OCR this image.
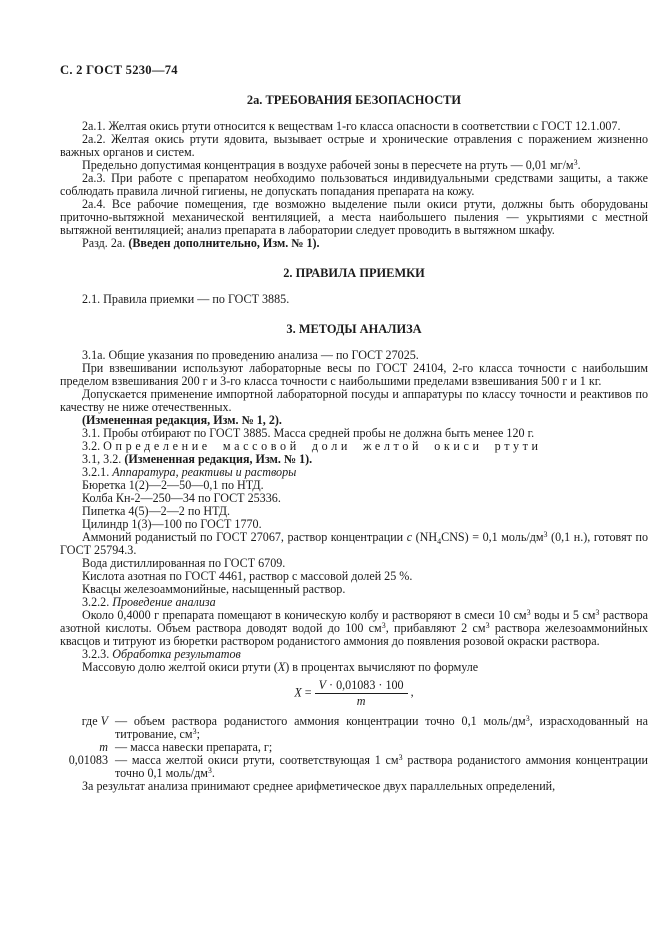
С. 2 ГОСТ 5230—74
2а. ТРЕБОВАНИЯ БЕЗОПАСНОСТИ
2а.1. Желтая окись ртути относится к веществам 1-го класса опасности в соответствии с ГОСТ 12.1.007.
2а.2. Желтая окись ртути ядовита, вызывает острые и хронические отравления с поражением жизненно важных органов и систем.
Предельно допустимая концентрация в воздухе рабочей зоны в пересчете на ртуть — 0,01 $мг/м^3$.
2а.3. При работе с препаратом необходимо пользоваться индивидуальными средствами защиты, а также соблюдать правила личной гигиены, не допускать попадания препарата на кожу.
2а.4. Все рабочие помещения, где возможно выделение пыли окиси ртути, должны быть оборудованы приточно-вытяжной механической вентиляцией, а места наибольшего пыления — укрытиями с местной вытяжной вентиляцией; анализ препарата в лаборатории следует проводить в вытяжном шкафу.
Разд. 2а. (Введен дополнительно, Изм. № 1).
2. ПРАВИЛА ПРИЕМКИ
2.1. Правила приемки — по ГОСТ 3885.
3. МЕТОДЫ АНАЛИЗА
3.1а. Общие указания по проведению анализа — по ГОСТ 27025.
При взвешивании используют лабораторные весы по ГОСТ 24104, 2-го класса точности с наибольшим пределом взвешивания 200 г и 3-го класса точности с наибольшими пределами взвешивания 500 г и 1 кг.
Допускается применение импортной лабораторной посуды и аппаратуры по классу точности и реактивов по качеству не ниже отечественных.
(Измененная редакция, Изм. № 1, 2).
3.1. Пробы отбирают по ГОСТ 3885. Масса средней пробы не должна быть менее 120 г.
3.2. Определение массовой доли желтой окиси ртути
3.1, 3.2. (Измененная редакция, Изм. № 1).
3.2.1. Аппаратура, реактивы и растворы
Бюретка 1(2)—2—50—0,1 по НТД.
Колба Кн-2—250—34 по ГОСТ 25336.
Пипетка 4(5)—2—2 по НТД.
Цилиндр 1(3)—100 по ГОСТ 1770.
Аммоний роданистый по ГОСТ 27067, раствор концентрации с $(NH_4CNS) = 0,1$ моль/$дм^3$ (0,1 н.), готовят по ГОСТ 25794.3.
Вода дистиллированная по ГОСТ 6709.
Кислота азотная по ГОСТ 4461, раствор с массовой долей 25 %.
Квасцы железоаммонийные, насыщенный раствор.
3.2.2. Проведение анализа
Около 0,4000 г препарата помещают в коническую колбу и растворяют в смеси 10 $см^3$ воды и 5 $см^3$ раствора азотной кислоты. Объем раствора доводят водой до 100 $см^3$, прибавляют 2 $см^3$ раствора железоаммонийных квасцов и титруют из бюретки раствором роданистого аммония до появления розовой окраски раствора.
3.2.3. Обработка результатов
Массовую долю желтой окиси ртути (X) в процентах вычисляют по формуле
$X = \frac{V \cdot 0,01083 \cdot 100}{m}$ ,
где V — объем раствора роданистого аммония концентрации точно 0,1 моль/$дм^3$, израсходованный на титрование, $см^3$;
m — масса навески препарата, г;
0,01083 — масса желтой окиси ртути, соответствующая 1 $см^3$ раствора роданистого аммония концентрации точно 0,1 моль/$дм^3$.
За результат анализа принимают среднее арифметическое двух параллельных определений,
